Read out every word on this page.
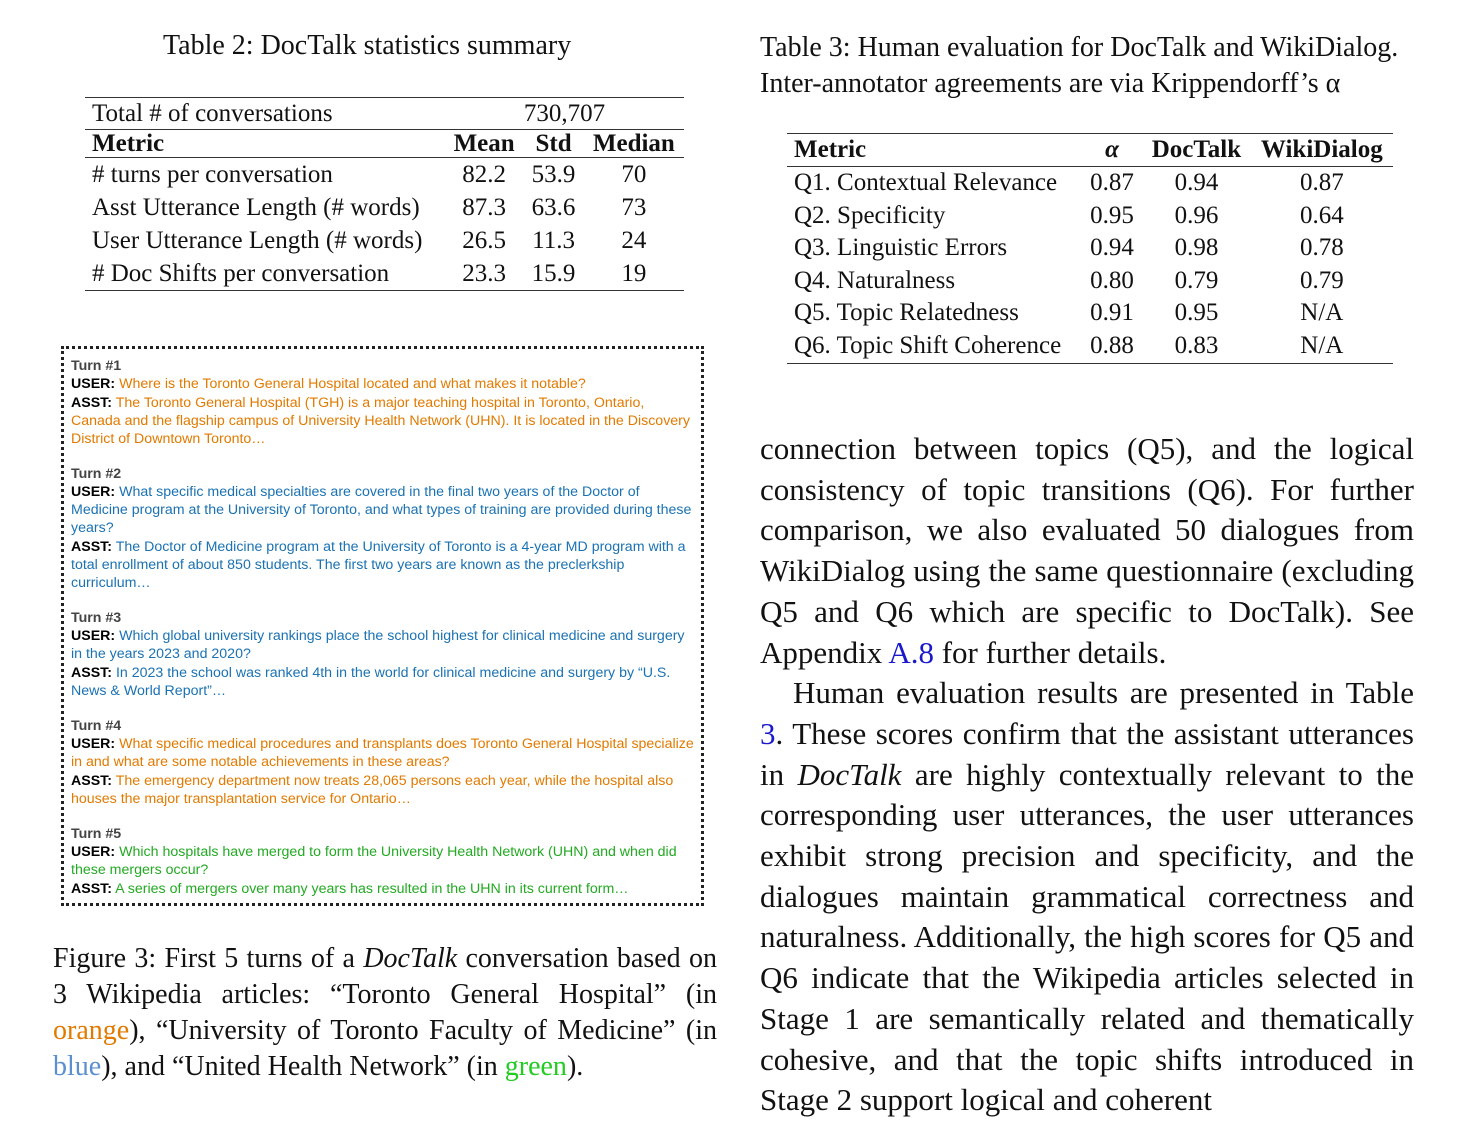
Table 2: DocTalk statistics summary
Total # of conversations	730,707		
Metric	Mean	Std	Median
# turns per conversation	82.2	53.9	70
Asst Utterance Length (# words)	87.3	63.6	73
User Utterance Length (# words)	26.5	11.3	24
# Doc Shifts per conversation	23.3	15.9	19
Table 3: Human evaluation for DocTalk and WikiDialog.
Inter-annotator agreements are via Krippendorff’s α
Metric	α	DocTalk	WikiDialog
Q1. Contextual Relevance	0.87	0.94	0.87
Q2. Specificity	0.95	0.96	0.64
Q3. Linguistic Errors	0.94	0.98	0.78
Q4. Naturalness	0.80	0.79	0.79
Q5. Topic Relatedness	0.91	0.95	N/A
Q6. Topic Shift Coherence	0.88	0.83	N/A
Turn #1
USER: Where is the Toronto General Hospital located and what makes it notable?
ASST: The Toronto General Hospital (TGH) is a major teaching hospital in Toronto, Ontario, Canada and the flagship campus of University Health Network (UHN). It is located in the Discovery District of Downtown Toronto…
Turn #2
USER: What specific medical specialties are covered in the final two years of the Doctor of Medicine program at the University of Toronto, and what types of training are provided during these years?
ASST: The Doctor of Medicine program at the University of Toronto is a 4-year MD program with a total enrollment of about 850 students. The first two years are known as the preclerkship curriculum…
Turn #3
USER: Which global university rankings place the school highest for clinical medicine and surgery in the years 2023 and 2020?
ASST: In 2023 the school was ranked 4th in the world for clinical medicine and surgery by “U.S. News & World Report”…
Turn #4
USER: What specific medical procedures and transplants does Toronto General Hospital specialize in and what are some notable achievements in these areas?
ASST: The emergency department now treats 28,065 persons each year, while the hospital also houses the major transplantation service for Ontario…
Turn #5
USER: Which hospitals have merged to form the University Health Network (UHN) and when did these mergers occur?
ASST: A series of mergers over many years has resulted in the UHN in its current form…
Figure 3: First 5 turns of a DocTalk conversation based on 3 Wikipedia articles: “Toronto General Hospital” (in orange), “University of Toronto Faculty of Medicine” (in blue), and “United Health Network” (in green).

connection between topics (Q5), and the logical consistency of topic transitions (Q6). For further comparison, we also evaluated 50 dialogues from WikiDialog using the same questionnaire (excluding Q5 and Q6 which are specific to DocTalk). See Appendix A.8 for further details.

Human evaluation results are presented in Table 3. These scores confirm that the assistant utterances in DocTalk are highly contextually relevant to the corresponding user utterances, the user utterances exhibit strong precision and specificity, and the dialogues maintain grammatical correctness and naturalness. Additionally, the high scores for Q5 and Q6 indicate that the Wikipedia articles selected in Stage 1 are semantically related and thematically cohesive, and that the topic shifts introduced in Stage 2 support logical and coherent
